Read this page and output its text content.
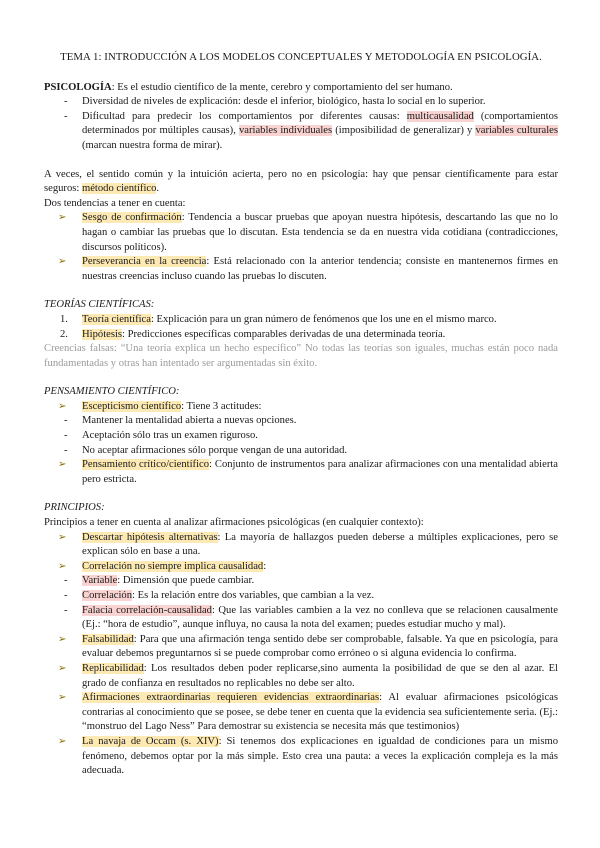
TEMA 1: INTRODUCCIÓN A LOS MODELOS CONCEPTUALES Y METODOLOGÍA EN PSICOLOGÍA.

PSICOLOGÍA: Es el estudio científico de la mente, cerebro y comportamiento del ser humano.

- Diversidad de niveles de explicación: desde el inferior, biológico, hasta lo social en lo superior.
- Dificultad para predecir los comportamientos por diferentes causas: multicausalidad (comportamientos determinados por múltiples causas), variables individuales (imposibilidad de generalizar) y variables culturales (marcan nuestra forma de mirar).

A veces, el sentido común y la intuición acierta, pero no en psicología: hay que pensar científicamente para estar seguros: método científico.

Dos tendencias a tener en cuenta:

➢ Sesgo de confirmación: Tendencia a buscar pruebas que apoyan nuestra hipótesis, descartando las que no lo hagan o cambiar las pruebas que lo discutan. Esta tendencia se da en nuestra vida cotidiana (contradicciones, discursos políticos).
➢ Perseverancia en la creencia: Está relacionado con la anterior tendencia; consiste en mantenernos firmes en nuestras creencias incluso cuando las pruebas lo discuten.

TEORÍAS CIENTÍFICAS:

1. Teoría científica: Explicación para un gran número de fenómenos que los une en el mismo marco.
2. Hipótesis: Predicciones específicas comparables derivadas de una determinada teoría.

Creencias falsas: “Una teoría explica un hecho específico” No todas las teorías son iguales, muchas están poco nada fundamentadas y otras han intentado ser argumentadas sin éxito.

PENSAMIENTO CIENTÍFICO:

➢ Escepticismo científico: Tiene 3 actitudes:
- Mantener la mentalidad abierta a nuevas opciones.
- Aceptación sólo tras un examen riguroso.
- No aceptar afirmaciones sólo porque vengan de una autoridad.
➢ Pensamiento crítico/científico: Conjunto de instrumentos para analizar afirmaciones con una mentalidad abierta pero estricta.

PRINCIPIOS:

Principios a tener en cuenta al analizar afirmaciones psicológicas (en cualquier contexto):

➢ Descartar hipótesis alternativas: La mayoría de hallazgos pueden deberse a múltiples explicaciones, pero se explican sólo en base a una.
➢ Correlación no siempre implica causalidad:
- Variable: Dimensión que puede cambiar.
- Correlación: Es la relación entre dos variables, que cambian a la vez.
- Falacia correlación-causalidad: Que las variables cambien a la vez no conlleva que se relacionen causalmente (Ej.: “hora de estudio”, aunque influya, no causa la nota del examen; puedes estudiar mucho y mal).
➢ Falsabilidad: Para que una afirmación tenga sentido debe ser comprobable, falsable. Ya que en psicología, para evaluar debemos preguntarnos si se puede comprobar como erróneo o si alguna evidencia lo confirma.
➢ Replicabilidad: Los resultados deben poder replicarse,sino aumenta la posibilidad de que se den al azar. El grado de confianza en resultados no replicables no debe ser alto.
➢ Afirmaciones extraordinarias requieren evidencias extraordinarias: Al evaluar afirmaciones psicológicas contrarias al conocimiento que se posee, se debe tener en cuenta que la evidencia sea suficientemente seria. (Ej.: “monstruo del Lago Ness” Para demostrar su existencia se necesita más que testimonios)
➢ La navaja de Occam (s. XIV): Si tenemos dos explicaciones en igualdad de condiciones para un mismo fenómeno, debemos optar por la más simple. Esto crea una pauta: a veces la explicación compleja es la más adecuada.
